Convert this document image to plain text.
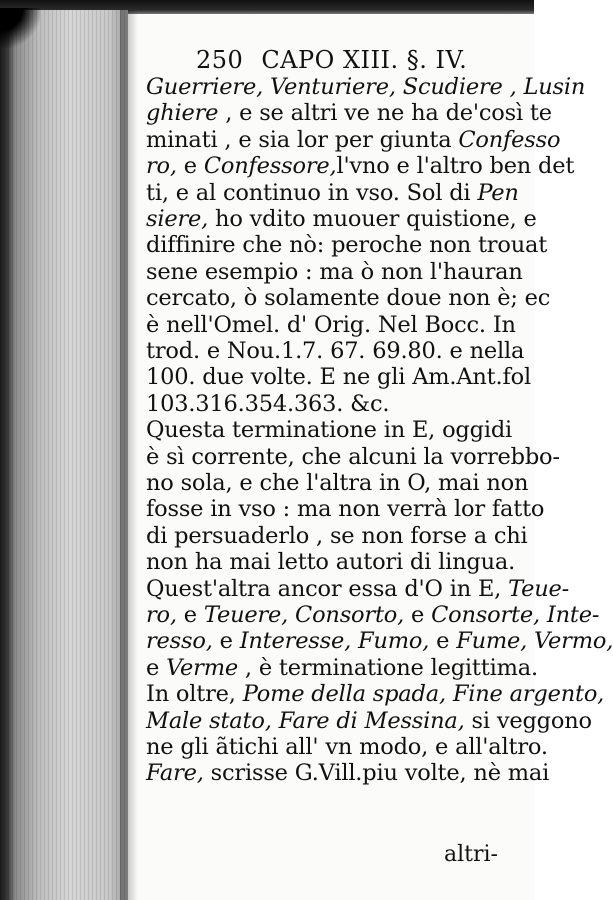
250 CAPO XIII. §. IV.
Guerriere, Venturiere, Scudiere , Lusin
ghiere , e se altri ve ne ha de'così te
minati , e sia lor per giunta Confesso
ro, e Confessore,l'vno e l'altro ben det
ti, e al continuo in vso. Sol di Pen
siere, ho vdito muouer quistione, e
diffinire che nò: peroche non trouat
sene esempio : ma ò non l'hauran
cercato, ò solamente doue non è; ec
è nell'Omel. d' Orig. Nel Bocc. In
trod. e Nou.1.7. 67. 69.80. e nella
100. due volte. E ne gli Am.Ant.fol
103.316.354.363. &c.
Questa terminatione in E, oggidi
è sì corrente, che alcuni la vorrebbo-
no sola, e che l'altra in O, mai non
fosse in vso : ma non verrà lor fatto
di persuaderlo , se non forse a chi
non ha mai letto autori di lingua.
Quest'altra ancor essa d'O in E, Teue-
ro, e Teuere, Consorto, e Consorte, Inte-
resso, e Interesse, Fumo, e Fume, Vermo,
e Verme , è terminatione legittima.
In oltre, Pome della spada, Fine argento,
Male stato, Fare di Messina, si veggono
ne gli ãtichi all' vn modo, e all'altro.
Fare, scrisse G.Vill.piu volte, nè mai
altri-
